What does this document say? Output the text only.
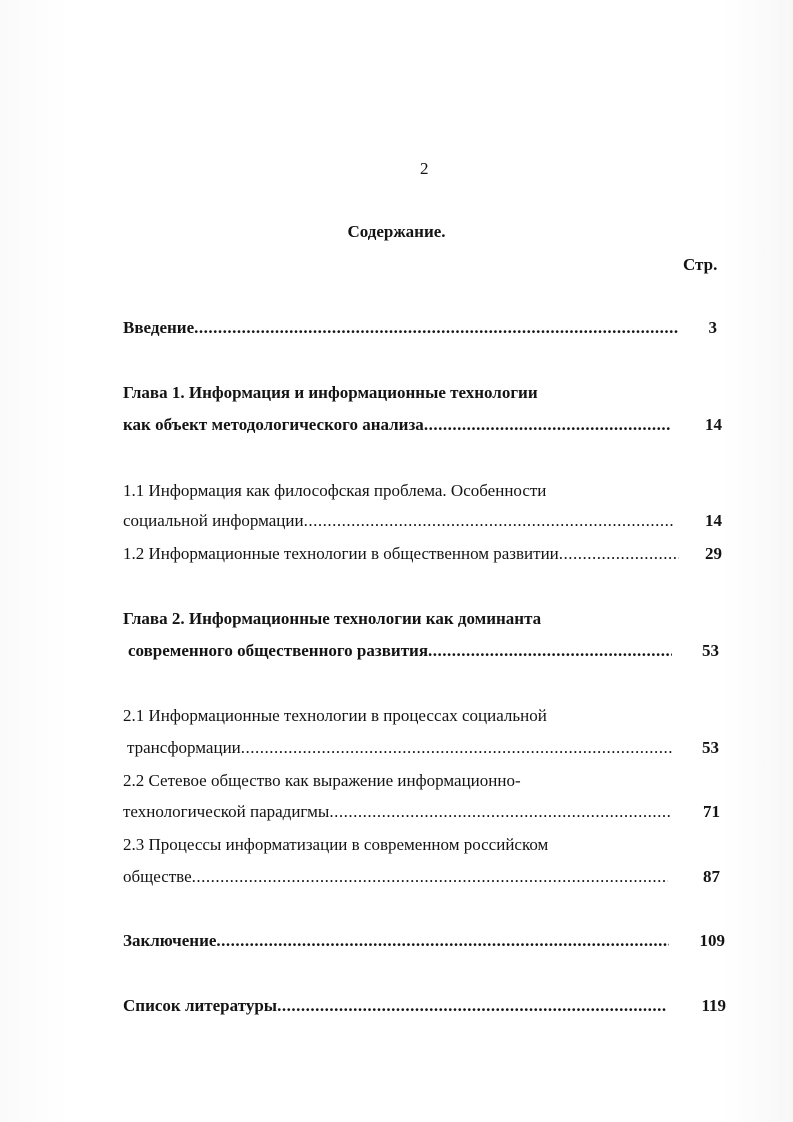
2
Содержание.
Стр.
Введение .....	3
Глава 1. Информация и информационные технологии
как объект методологического анализа .....	14
1.1 Информация как философская проблема. Особенности
социальной информации .....	14
1.2 Информационные технологии в общественном развитии .....	29
Глава 2. Информационные технологии как доминанта
современного общественного развития .....	53
2.1 Информационные технологии в процессах социальной
трансформации .....	53
2.2 Сетевое общество как выражение информационно-
технологической парадигмы .....	71
2.3 Процессы информатизации в современном российском
обществе .....	87
Заключение .....	109
Список литературы .....	119
